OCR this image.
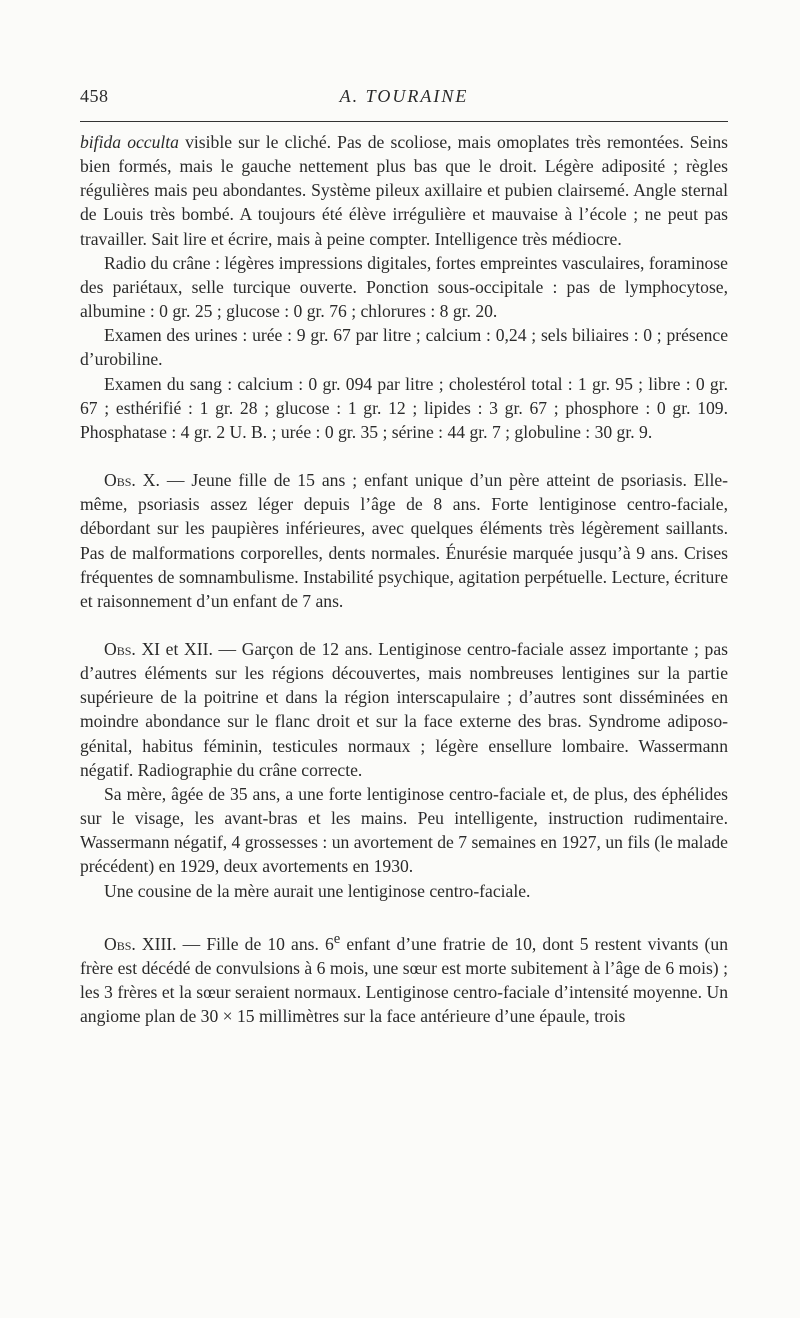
458	A. TOURAINE

bifida occulta visible sur le cliché. Pas de scoliose, mais omoplates très remontées. Seins bien formés, mais le gauche nettement plus bas que le droit. Légère adiposité ; règles régulières mais peu abondantes. Système pileux axillaire et pubien clairsemé. Angle sternal de Louis très bombé. A toujours été élève irrégulière et mauvaise à l’école ; ne peut pas travailler. Sait lire et écrire, mais à peine compter. Intelligence très médiocre.

Radio du crâne : légères impressions digitales, fortes empreintes vasculaires, foraminose des pariétaux, selle turcique ouverte. Ponction sous-occipitale : pas de lymphocytose, albumine : 0 gr. 25 ; glucose : 0 gr. 76 ; chlorures : 8 gr. 20.

Examen des urines : urée : 9 gr. 67 par litre ; calcium : 0,24 ; sels biliaires : 0 ; présence d’urobiline.

Examen du sang : calcium : 0 gr. 094 par litre ; cholestérol total : 1 gr. 95 ; libre : 0 gr. 67 ; esthérifié : 1 gr. 28 ; glucose : 1 gr. 12 ; lipides : 3 gr. 67 ; phosphore : 0 gr. 109. Phosphatase : 4 gr. 2 U. B. ; urée : 0 gr. 35 ; sérine : 44 gr. 7 ; globuline : 30 gr. 9.

Obs. X. — Jeune fille de 15 ans ; enfant unique d’un père atteint de psoriasis. Elle-même, psoriasis assez léger depuis l’âge de 8 ans. Forte lentiginose centro-faciale, débordant sur les paupières inférieures, avec quelques éléments très légèrement saillants. Pas de malformations corporelles, dents normales. Énurésie marquée jusqu’à 9 ans. Crises fréquentes de somnambulisme. Instabilité psychique, agitation perpétuelle. Lecture, écriture et raisonnement d’un enfant de 7 ans.

Obs. XI et XII. — Garçon de 12 ans. Lentiginose centro-faciale assez importante ; pas d’autres éléments sur les régions découvertes, mais nombreuses lentigines sur la partie supérieure de la poitrine et dans la région interscapulaire ; d’autres sont disséminées en moindre abondance sur le flanc droit et sur la face externe des bras. Syndrome adiposo-génital, habitus féminin, testicules normaux ; légère ensellure lombaire. Wassermann négatif. Radiographie du crâne correcte.

Sa mère, âgée de 35 ans, a une forte lentiginose centro-faciale et, de plus, des éphélides sur le visage, les avant-bras et les mains. Peu intelligente, instruction rudimentaire. Wassermann négatif, 4 grossesses : un avortement de 7 semaines en 1927, un fils (le malade précédent) en 1929, deux avortements en 1930.

Une cousine de la mère aurait une lentiginose centro-faciale.

Obs. XIII. — Fille de 10 ans. 6e enfant d’une fratrie de 10, dont 5 restent vivants (un frère est décédé de convulsions à 6 mois, une sœur est morte subitement à l’âge de 6 mois) ; les 3 frères et la sœur seraient normaux. Lentiginose centro-faciale d’intensité moyenne. Un angiome plan de 30 × 15 millimètres sur la face antérieure d’une épaule, trois
